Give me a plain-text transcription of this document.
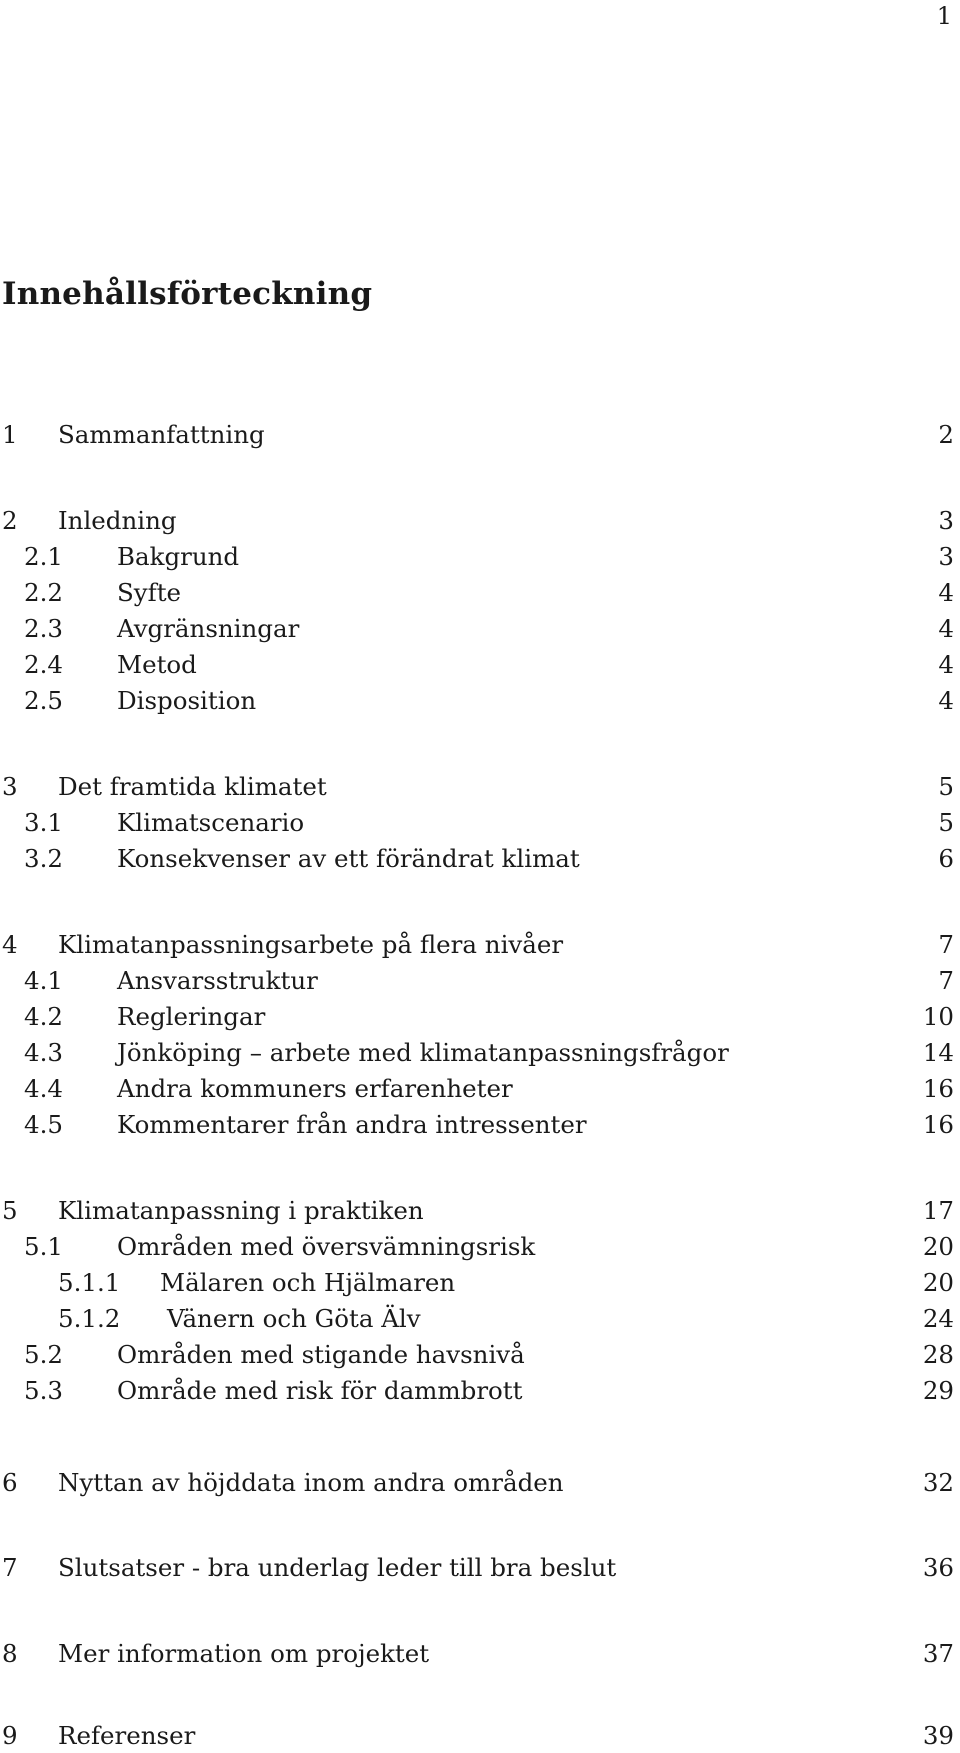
1
Innehållsförteckning
1 Sammanfattning	2
2 Inledning	3
2.1 Bakgrund	3
2.2 Syfte	4
2.3 Avgränsningar	4
2.4 Metod	4
2.5 Disposition	4
3 Det framtida klimatet	5
3.1 Klimatscenario	5
3.2 Konsekvenser av ett förändrat klimat	6
4 Klimatanpassningsarbete på flera nivåer	7
4.1 Ansvarsstruktur	7
4.2 Regleringar	10
4.3 Jönköping – arbete med klimatanpassningsfrågor	14
4.4 Andra kommuners erfarenheter	16
4.5 Kommentarer från andra intressenter	16
5 Klimatanpassning i praktiken	17
5.1 Områden med översvämningsrisk	20
5.1.1 Mälaren och Hjälmaren	20
5.1.2 Vänern och Göta Älv	24
5.2 Områden med stigande havsnivå	28
5.3 Område med risk för dammbrott	29
6 Nyttan av höjddata inom andra områden	32
7 Slutsatser - bra underlag leder till bra beslut	36
8 Mer information om projektet	37
9 Referenser	39
